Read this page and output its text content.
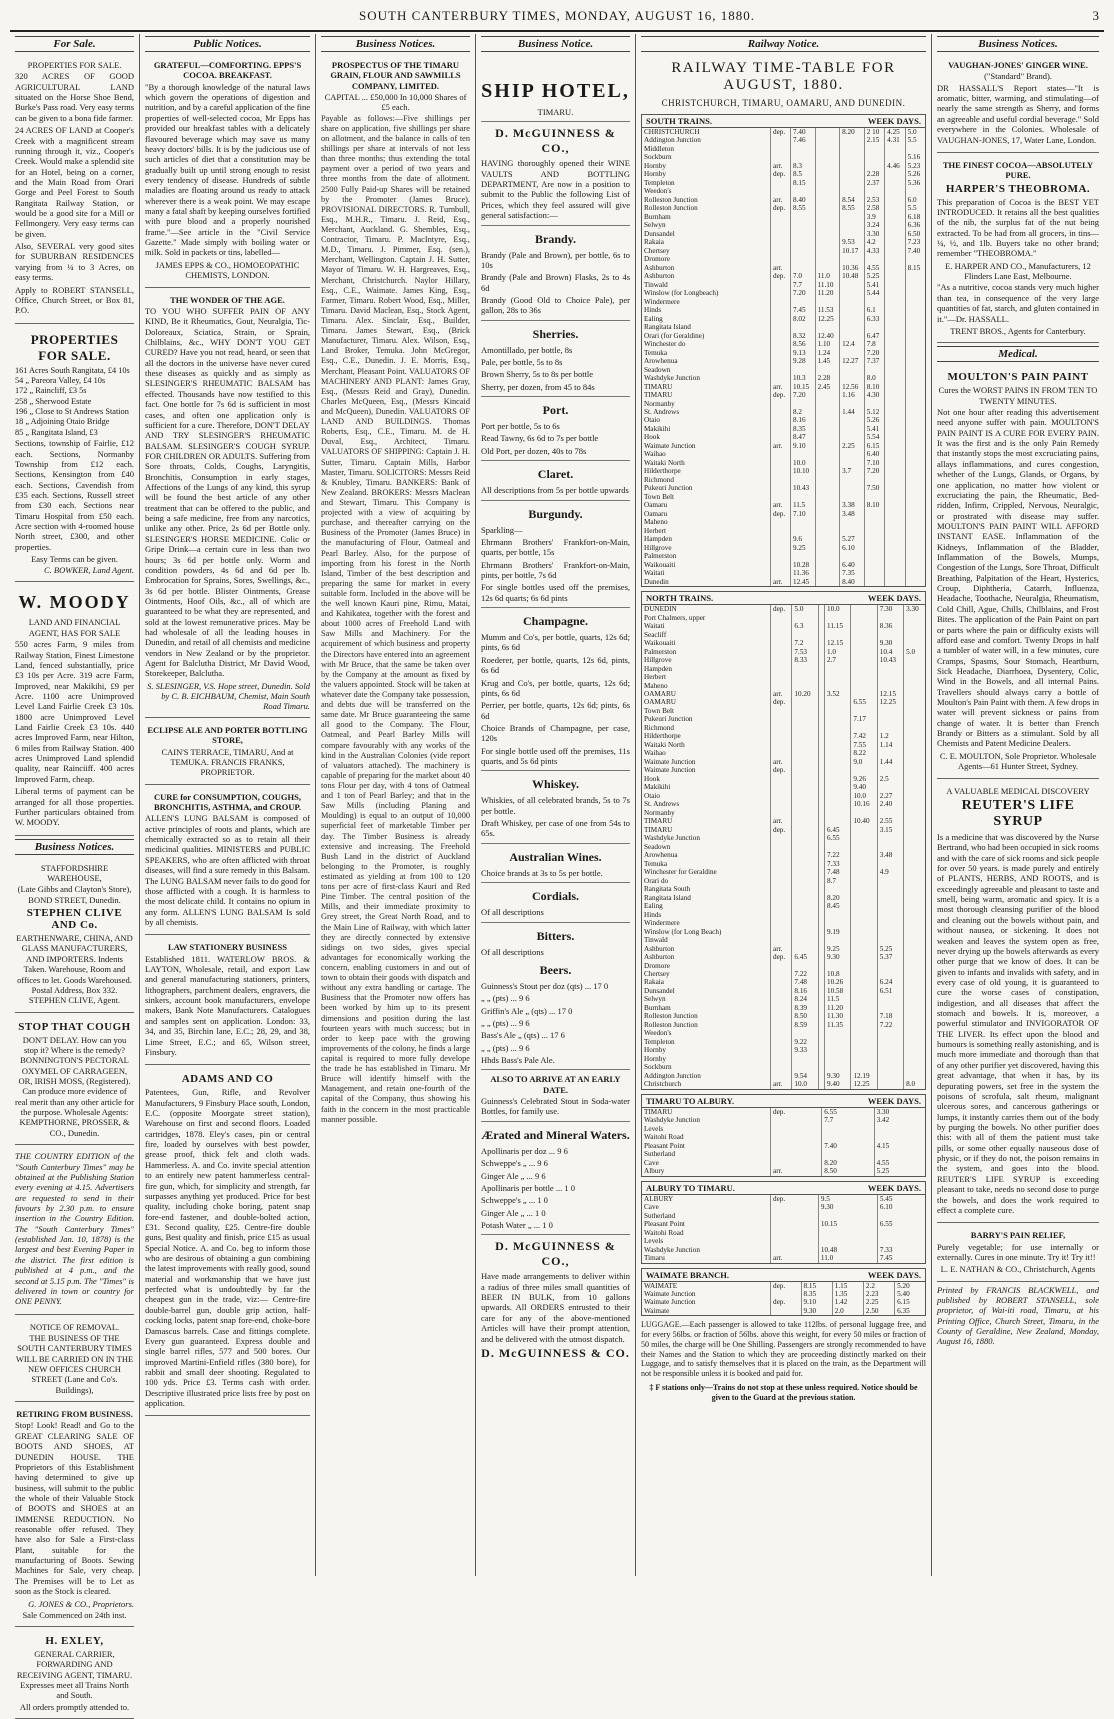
SOUTH CANTERBURY TIMES, MONDAY, AUGUST 16, 1880.	3
For Sale.
PROPERTIES FOR SALE.

320 ACRES OF GOOD AGRICULTURAL LAND situated on the Horse Shoe Bend, Burke's Pass road. Very easy terms can be given to a bona fide farmer.

24 ACRES OF LAND at Cooper's Creek with a magnificent stream running through it, viz., Cooper's Creek. Would make a splendid site for an Hotel, being on a corner, and the Main Road from Orari Gorge and Peel Forest to South Rangitata Railway Station, or would be a good site for a Mill or Fellmongery. Very easy terms can be given.

Also, SEVERAL very good sites for SUBURBAN RESIDENCES varying from ¼ to 3 Acres, on easy terms.

Apply to ROBERT STANSELL, Office, Church Street, or Box 81, P.O.

PROPERTIES FOR SALE.
161 Acres South Rangitata, £4 10s
54 „ Pareora Valley, £4 10s
172 „ Raincliff, £3 5s
258 „ Sherwood Estate
196 „ Close to St Andrews Station
18 „ Adjoining Otaio Bridge
85 „ Rangitata Island, £3

Sections, township of Fairlie, £12 each. Sections, Normanby Township from £12 each. Sections, Kensington from £40 each. Sections, Cavendish from £35 each. Sections, Russell street from £30 each. Sections near Timaru Hospital from £50 each. Acre section with 4-roomed house North street, £300, and other properties.

Easy Terms can be given.

C. BOWKER, Land Agent.

W. MOODY

LAND AND FINANCIAL AGENT, HAS FOR SALE

550 acres Farm, 9 miles from Railway Station, Finest Limestone Land, fenced substantially, price £3 10s per Acre. 319 acre Farm, Improved, near Makikihi, £9 per Acre. 1100 acre Unimproved Level Land Fairlie Creek £3 10s. 1800 acre Unimproved Level Land Fairlie Creek £3 10s. 440 acres Improved Farm, near Hilton, 6 miles from Railway Station. 400 acres Unimproved Land splendid quality, near Rainciiff. 400 acres Improved Farm, cheap.

Liberal terms of payment can be arranged for all those properties. Further particulars obtained from W. MOODY.

Business Notices.

STAFFORDSHIRE WAREHOUSE,

(Late Gibbs and Clayton's Store), BOND STREET, Dunedin.

STEPHEN CLIVE AND Co.

EARTHENWARE, CHINA, AND GLASS MANUFACTURERS, AND IMPORTERS. Indents Taken. Warehouse, Room and offices to let. Goods Warehoused. Postal Address, Box 332. STEPHEN CLIVE, Agent.

STOP THAT COUGH

DON'T DELAY. How can you stop it? Where is the remedy? BONNINGTON'S PECTORAL OXYMEL OF CARRAGEEN, OR, IRISH MOSS, (Registered). Can produce more evidence of real merit than any other article for the purpose. Wholesale Agents: KEMPTHORNE, PROSSER, & CO., Dunedin.

THE COUNTRY EDITION of the "South Canterbury Times" may be obtained at the Publishing Station every evening at 4.15. Advertisers are requested to send in their favours by 2.30 p.m. to ensure insertion in the Country Edition. The "South Canterbury Times" (established Jan. 10, 1878) is the largest and best Evening Paper in the district. The first edition is published at 4 p.m., and the second at 5.15 p.m. The "Times" is delivered in town or country for ONE PENNY.

NOTICE OF REMOVAL.

THE BUSINESS OF THE SOUTH CANTERBURY TIMES WILL BE CARRIED ON IN THE NEW OFFICES CHURCH STREET (Lane and Co's. Buildings),

RETIRING FROM BUSINESS.

Stop! Look! Read! and Go to the GREAT CLEARING SALE OF BOOTS AND SHOES, AT DUNEDIN HOUSE. THE Proprietors of this Establishment having determined to give up business, will submit to the public the whole of their Valuable Stock of BOOTS and SHOES at an IMMENSE REDUCTION. No reasonable offer refused. They have also for Sale a First-class Plant, suitable for the manufacturing of Boots. Sewing Machines for Sale, very cheap. The Premises will be to Let as soon as the Stock is cleared.

G. JONES & CO., Proprietors.

Sale Commenced on 24th inst.

H. EXLEY,

GENERAL CARRIER, FORWARDING AND RECEIVING AGENT, TIMARU. Expresses meet all Trains North and South.

All orders promptly attended to.

Public Notices.

GRATEFUL—COMFORTING. EPPS'S COCOA. BREAKFAST.

"By a thorough knowledge of the natural laws which govern the operations of digestion and nutrition, and by a careful application of the fine properties of well-selected cocoa, Mr Epps has provided our breakfast tables with a delicately flavoured beverage which may save us many heavy doctors' bills. It is by the judicious use of such articles of diet that a constitution may be gradually built up until strong enough to resist every tendency of disease. Hundreds of subtle maladies are floating around us ready to attack wherever there is a weak point. We may escape many a fatal shaft by keeping ourselves fortified with pure blood and a properly nourished frame."—See article in the "Civil Service Gazette." Made simply with boiling water or milk. Sold in packets or tins, labelled—

JAMES EPPS & CO., HOMOEOPATHIC CHEMISTS, LONDON.

THE WONDER OF THE AGE.

TO YOU WHO SUFFER PAIN OF ANY KIND, Be it Rheumatics, Gout, Neuralgia, Tic-Doloreaux, Sciatica, Strain, or Sprain, Chilblains, &c., WHY DON'T YOU GET CURED? Have you not read, heard, or seen that all the doctors in the universe have never cured these diseases as quickly and as simply as SLESINGER'S RHEUMATIC BALSAM has effected. Thousands have now testified to this fact. One bottle for 7s 6d is sufficient in most cases, and often one application only is sufficient for a cure. Therefore, DON'T DELAY AND TRY SLESINGER'S RHEUMATIC BALSAM. SLESINGER'S COUGH SYRUP. FOR CHILDREN OR ADULTS. Suffering from Sore throats, Colds, Coughs, Laryngitis, Bronchitis, Consumption in early stages, Affections of the Lungs of any kind, this syrup will be found the best article of any other treatment that can be offered to the public, and being a safe medicine, free from any narcotics, unlike any other. Price, 2s 6d per Bottle only. SLESINGER'S HORSE MEDICINE. Colic or Gripe Drink—a certain cure in less than two hours; 3s 6d per bottle only. Worm and condition powders, 4s 6d and 6d per lb. Embrocation for Sprains, Sores, Swellings, &c., 3s 6d per bottle. Blister Ointments, Grease Ointments, Hoof Oils, &c., all of which are guaranteed to be what they are represented, and sold at the lowest remunerative prices. May be had wholesale of all the leading houses in Dunedin, and retail of all chemists and medicine vendors in New Zealand or by the proprietor. Agent for Balclutha District, Mr David Wood, Storekeeper, Balclutha.

S. SLESINGER, V.S. Hope street, Dunedin. Sold by C. B. EICHBAUM, Chemist, Main South Road Timaru.

ECLIPSE ALE AND PORTER BOTTLING STORE,

CAIN'S TERRACE, TIMARU, And at TEMUKA. FRANCIS FRANKS, PROPRIETOR.

CURE for CONSUMPTION, COUGHS, BRONCHITIS, ASTHMA, and CROUP.

ALLEN'S LUNG BALSAM is composed of active principles of roots and plants, which are chemically extracted so as to retain all their medicinal qualities. MINISTERS and PUBLIC SPEAKERS, who are often afflicted with throat diseases, will find a sure remedy in this Balsam. The LUNG BALSAM never fails to do good for those afflicted with a cough. It is harmless to the most delicate child. It contains no opium in any form. ALLEN'S LUNG BALSAM Is sold by all chemists.

LAW STATIONERY BUSINESS

Established 1811. WATERLOW BROS. & LAYTON, Wholesale, retail, and export Law and general manufacturing stationers, printers, lithographers, parchment dealers, engravers, die sinkers, account book manufacturers, envelope makers, Bank Note Manufacturers. Catalogues and samples sent on application. London: 33, 34, and 35, Birchin lane, E.C.; 28, 29, and 38, Lime Street, E.C.; and 65, Wilson street, Finsbury.

ADAMS AND CO

Patentees, Gun, Rifle, and Revolver Manufacturers, 9 Finsbury Place south, London, E.C. (opposite Moorgate street station), Warehouse on first and second floors. Loaded cartridges, 1878. Eley's cases, pin or central fire, loaded by ourselves with best powder, grease proof, thick felt and cloth wads. Hammerless. A. and Co. invite special attention to an entirely new patent hammerless central-fire gun, which, for simplicity and strength, far surpasses anything yet produced. Price for best quality, including choke boring, patent snap fore-end fastener, and double-bolted action, £31. Second quality, £25. Centre-fire double guns, Best quality and finish, price £15 as usual Special Notice. A. and Co. beg to inform those who are desirous of obtaining a gun combining the latest improvements with really good, sound material and workmanship that we have just perfected what is undoubtedly by far the cheapest gun in the trade, viz:— Centre-fire double-barrel gun, double grip action, half-cocking locks, patent snap fore-end, choke-bore Damascus barrels. Case and fittings complete. Every gun guaranteed. Express double and single barrel rifles, 577 and 500 bores. Our improved Martini-Enfield rifles (380 bore), for rabbit and small deer shooting. Regulated to 100 yds. Price £3. Terms cash with order. Descriptive illustrated price lists free by post on application.

Business Notices.

PROSPECTUS OF THE TIMARU GRAIN, FLOUR AND SAWMILLS COMPANY, LIMITED.

CAPITAL ... £50,000 In 10,000 Shares of £5 each.

Payable as follows:—Five shillings per share on application, five shillings per share on allotment, and the balance in calls of ten shillings per share at intervals of not less than three months; thus extending the total payment over a period of two years and three months from the date of allotment. 2500 Fully Paid-up Shares will be retained by the Promoter (James Bruce). PROVISIONAL DIRECTORS. R. Turnbull, Esq., M.H.R., Timaru. J. Reid, Esq., Merchant, Auckland. G. Shembles, Esq., Contractor, Timaru. P. MacIntyre, Esq., M.D., Timaru. J. Pimmer, Esq. (sen.), Merchant, Wellington. Captain J. H. Sutter, Mayor of Timaru. W. H. Hargreaves, Esq., Merchant, Christchurch. Naylor Hillary, Esq., C.E., Waimate. James King, Esq., Farmer, Timaru. Robert Wood, Esq., Miller, Timaru. David Maclean, Esq., Stock Agent, Timaru. Alex. Sinclair, Esq., Builder, Timaru. James Stewart, Esq., (Brick Manufacturer, Timaru. Alex. Wilson, Esq., Land Broker, Temuka. John McGregor, Esq., C.E., Dunedin. J. E. Morris, Esq., Merchant, Pleasant Point. VALUATORS OF MACHINERY AND PLANT: James Gray, Esq., (Messrs Reid and Gray), Dunedin. Charles McQueen, Esq., (Messrs Kincaid and McQueen), Dunedin. VALUATORS OF LAND AND BUILDINGS. Thomas Roberts, Esq., C.E., Timaru. M. de H. Duval, Esq., Architect, Timaru. VALUATORS OF SHIPPING: Captain J. H. Sutter, Timaru. Captain Mills, Harbor Master, Timaru. SOLICITORS: Messrs Reid & Knubley, Timaru. BANKERS: Bank of New Zealand. BROKERS: Messrs Maclean and Stewart, Timaru. This Company is projected with a view of acquiring by purchase, and thereafter carrying on the Business of the Promoter (James Bruce) in the manufacturing of Flour, Oatmeal and Pearl Barley. Also, for the purpose of importing from his forest in the North Island, Timber of the best description and preparing the same for market in every suitable form. Included in the above will be the well known Kauri pine, Rimu, Matai, and Kahikatea, together with the forest and about 1000 acres of Freehold Land with Saw Mills and Machinery. For the acquirement of which business and property the Directors have entered into an agreement with Mr Bruce, that the same be taken over by the Company at the amount as fixed by the valuers appointed. Stock will be taken at whatever date the Company take possession, and debts due will be transferred on the same date. Mr Bruce guaranteeing the same all good to the Company. The Flour, Oatmeal, and Pearl Barley Mills will compare favourably with any works of the kind in the Australian Colonies (vide report of valuators attached). The machinery is capable of preparing for the market about 40 tons Flour per day, with 4 tons of Oatmeal and 1 ton of Pearl Barley; and that in the Saw Mills (including Planing and Moulding) is equal to an output of 10,000 superficial feet of marketable Timber per day. The Timber Business is already extensive and increasing. The Freehold Bush Land in the district of Auckland belonging to the Promoter, is roughly estimated as yielding at from 100 to 120 tons per acre of first-class Kauri and Red Pine Timber. The central position of the Mills, and their immediate proximity to Grey street, the Great North Road, and to the Main Line of Railway, with which latter they are directly connected by extensive sidings on two sides, gives special advantages for economically working the concern, enabling customers in and out of town to obtain their goods with dispatch and without any extra handling or cartage. The Business that the Promoter now offers has been worked by him up to its present dimensions and position during the last fourteen years with much success; but in order to keep pace with the growing improvements of the colony, he finds a large capital is required to more fully develope the trade he has established in Timaru. Mr Bruce will identify himself with the Management, and retain one-fourth of the capital of the Company, thus showing his faith in the concern in the most practicable manner possible.

Business Notice.
SHIP HOTEL,

TIMARU.

D. McGUINNESS & CO.,

HAVING thoroughly opened their WINE VAULTS AND BOTTLING DEPARTMENT, Are now in a position to submit to the Public the following List of Prices, which they feel assured will give general satisfaction:—

Brandy.

Brandy (Pale and Brown), per bottle, 6s to 10s

Brandy (Pale and Brown) Flasks, 2s to 4s 6d

Brandy (Good Old to Choice Pale), per gallon, 28s to 36s

Sherries.

Amontillado, per bottle, 8s

Pale, per bottle, 5s to 8s

Brown Sherry, 5s to 8s per bottle

Sherry, per dozen, from 45 to 84s

Port.

Port per bottle, 5s to 6s

Read Tawny, 6s 6d to 7s per bottle

Old Port, per dozen, 40s to 78s

Claret.

All descriptions from 5s per bottle upwards

Burgundy.

Sparkling—

Ehrmann Brothers' Frankfort-on-Main, quarts, per bottle, 15s

Ehrmann Brothers' Frankfort-on-Main, pints, per bottle, 7s 6d

For single bottles used off the premises, 12s 6d quarts; 6s 6d pints

Champagne.

Mumm and Co's, per bottle, quarts, 12s 6d; pints, 6s 6d

Roederer, per bottle, quarts, 12s 6d, pints, 6s 6d

Krug and Co's, per bottle, quarts, 12s 6d; pints, 6s 6d

Perrier, per bottle, quarts, 12s 6d; pints, 6s 6d

Choice Brands of Champagne, per case, 120s

For single bottle used off the premises, 11s quarts, and 5s 6d pints

Whiskey.

Whiskies, of all celebrated brands, 5s to 7s per bottle.

Draft Whiskey, per case of one from 54s to 65s.

Australian Wines.

Choice brands at 3s to 5s per bottle.

Cordials.

Of all descriptions

Bitters.

Of all descriptions

Beers.

Guinness's Stout per doz (qts) ... 17 0

„ „ (pts) ... 9 6

Griffin's Ale „ (qts) ... 17 0

„ „ (pts) ... 9 6

Bass's Ale „ (qts) ... 17 6

„ „ (pts) ... 9 6

Hhds Bass's Pale Ale.

ALSO TO ARRIVE AT AN EARLY DATE.

Guinness's Celebrated Stout in Soda-water Bottles, for family use.

Ærated and Mineral Waters.

Apollinaris per doz ... 9 6

Schweppe's „ ... 9 6

Ginger Ale „ ... 9 6

Apollinaris per bottle ... 1 0

Schweppe's „ ... 1 0

Ginger Ale „ ... 1 0

Potash Water „ ... 1 0

D. McGUINNESS & CO.,

Have made arrangements to deliver within a radius of three miles small quantities of BEER IN BULK, from 10 gallons upwards. All ORDERS entrusted to their care for any of the above-mentioned Articles will have their prompt attention, and be delivered with the utmost dispatch.

D. McGUINNESS & CO.

Railway Notice.
RAILWAY TIME-TABLE FOR AUGUST, 1880.
CHRISTCHURCH, TIMARU, OAMARU, AND DUNEDIN.
SOUTH TRAINS.	WEEK DAYS.
CHRISTCHURCH	dep.	7.40		8.20	2 10	4.25	5.0
Addington Junction		7.46			2.15	4.31	5.5
Middleton							
Sockburn							5.16
Hornby	arr.	8.3				4.46	5.23
Hornby	dep.	8.5			2.28		5.26
Templeton		8.15			2.37		5.36
Weedon's							
Rolleston Junction	arr.	8.40		8.54	2.53		6.0
Rolleston Junction	dep.	8.55		8.55	2.58		5.5
Burnham					3.9		6.18
Selwyn					3.24		6.36
Dunsandel					3.30		6.50
Rakaia				9.53	4.2		7.23
Chertsey				10.17	4.33		7.40
Dromore							
Ashburton	arr.			10.36	4.55		8.15
Ashburton	dep.	7.0	11.0	10.48	5.25		
Tinwald		7.7	11.10		5.41		
Winslow (for Longbeach)		7.20	11.20		5.44		
Windermere							
Hinds		7.45	11.53		6.1		
Ealing		8.02	12.25		6.33		
Rangitata Island							
Orari (for Geraldine)		8.32	12.40		6.47		
Winchester do		8.56	1.10	12.4	7.8		
Temuka		9.13	1.24		7.20		
Arowhenua		9.28	1.45	12.27	7.37		
Seadown							
Washdyke Junction		10.3	2.28		8.0		
TIMARU	arr.	10.15	2.45	12.56	8.10		
TIMARU	dep.	7.20		1.16	4.30		
Normanby							
St. Andrews		8.2		1.44	5.12		
Otaio		8.16			5.26		
Makikihi		8.35			5.41		
Hook		8.47			5.54		
Waimate Junction	arr.	9.10		2.25	6.15		
Waihao					6.40		
Waitaki North		10.0			7.10		
Hilderthorpe		10.10		3.7	7.20		
Richmond							
Pukeuri Junction		10.43			7.50		
Town Belt							
Oamaru	arr.	11.5		3.38	8.10		
Oamaru	dep.	7.10		3.48			
Maheno							
Herbert							
Hampden		9.6		5.27			
Hillgrove		9.25		6.10			
Palmerston							
Waikouaiti		10.28		6.40			
Waitati		11.36		7.35			
Dunedin	arr.	12.45		8.40			
NORTH TRAINS.	WEEK DAYS.
DUNEDIN	dep.	5.0		10.0		7.30	3.30
Port Chalmers, upper							
Waitati		6.3		11.15		8.36	
Seacliff							
Waikouaiti		7.2		12.15		9.30	
Palmerston		7.53		1.0		10.4	5.0
Hillgrove		8.33		2.7		10.43	
Hampden							
Herbert							
Maheno							
OAMARU	arr.	10.20		3.52		12.15	
OAMARU	dep.				6.55	12.25	
Town Belt							
Pukeuri Junction					7.17		
Richmond							
Hilderthorpe					7.42	1.2	
Waitaki North					7.55	1.14	
Waihao					8.22		
Waimate Junction	arr.				9.0	1.44	
Waimate Junction	dep.						
Hook					9.26	2.5	
Makikihi					9.40		
Otaio					10.0	2.27	
St. Andrews					10.16	2.40	
Normanby							
TIMARU	arr.				10.40	2.55	
TIMARU	dep.			6.45		3.15	
Washdyke Junction				6.55			
Seadown							
Arowhenua				7.22		3.48	
Temuka				7.33			
Winchester for Geraldine				7.48		4.9	
Orari do				8.7			
Rangitata South							
Rangitata Island				8.20			
Ealing				8.45			
Hinds							
Windermere							
Winslow (for Long Beach)				9.19			
Tinwald							
Ashburton	arr.			9.25		5.25	
Ashburton	dep.	6.45		9.30		5.37	
Dromore							
Chertsey		7.22		10.8			
Rakaia		7.48		10.26		6.24	
Dunsandel		8.16		10.58		6.51	
Selwyn		8.24		11.5			
Burnham		8.39		11.20			
Rolleston Junction		8.50		11.30		7.18	
Rolleston Junction		8.59		11.35		7.22	
Weedon's							
Templeton		9.22					
Hornby		9.33					
Hornby							
Sockburn							
Addington Junction		9.54		9.30	12.19		
Christchurch	arr.	10.0		9.40	12.25		8.0
TIMARU TO ALBURY.	WEEK DAYS.
TIMARU	dep.	6.55	3.30
Washdyke Junction		7.7	3.42
Levels			
Waitohi Road			
Pleasant Point		7.40	4.15
Sutherland			
Cave		8.20	4.55
Albury	arr.	8.50	5.25
ALBURY TO TIMARU.	WEEK DAYS.
ALBURY	dep.	9.5	5.45
Cave		9.30	6.10
Sutherland			
Pleasant Point		10.15	6.55
Waitohi Road			
Levels			
Washdyke Junction		10.48	7.33
Timaru	arr.	11.0	7.45
WAIMATE BRANCH.	WEEK DAYS.
WAIMATE	dep.	8.15	1.15	2.2	5.20
Waimate Junction		8.35	1.35	2.23	5.40
Waimate Junction	dep.	9.10	1.42	2.25	6.15
Waimate		9.30	2.0	2.50	6.35

LUGGAGE.—Each passenger is allowed to take 112lbs. of personal luggage free, and for every 56lbs. or fraction of 56lbs. above this weight, for every 50 miles or fraction of 50 miles, the charge will be One Shilling. Passengers are strongly recommended to have their Names and the Station to which they are proceeding distinctly marked on their Luggage, and to satisfy themselves that it is placed on the train, as the Department will not be responsible unless it is booked and paid for.

‡ F stations only—Trains do not stop at these unless required. Notice should be given to the Guard at the previous station.

Business Notices.

VAUGHAN-JONES' GINGER WINE.

("Standard" Brand).

DR HASSALL'S Report states—"It is aromatic, bitter, warming, and stimulating—of nearly the same strength as Sherry, and forms an agreeable and useful cordial beverage." Sold everywhere in the Colonies. Wholesale of VAUGHAN-JONES, 17, Water Lane, London.

THE FINEST COCOA—ABSOLUTELY PURE.

HARPER'S THEOBROMA.

This preparation of Cocoa is the BEST YET INTRODUCED. It retains all the best qualities of the nib, the surplus fat of the nut being extracted. To be had from all grocers, in tins—¼, ½, and 1lb. Buyers take no other brand; remember "THEOBROMA."

E. HARPER AND CO., Manufacturers, 12 Flinders Lane East, Melbourne.

"As a nutritive, cocoa stands very much higher than tea, in consequence of the very large quantities of fat, starch, and gluten contained in it."—Dr. HASSALL.

TRENT BROS., Agents for Canterbury.

Medical.

MOULTON'S PAIN PAINT

Cures the WORST PAINS IN FROM TEN TO TWENTY MINUTES.

Not one hour after reading this advertisement need anyone suffer with pain. MOULTON'S PAIN PAINT IS A CURE FOR EVERY PAIN. It was the first and is the only Pain Remedy that instantly stops the most excruciating pains, allays inflammations, and cures congestion, whether of the Lungs, Glands, or Organs, by one application, no matter how violent or excruciating the pain, the Rheumatic, Bed-ridden, Infirm, Crippled, Nervous, Neuralgic, or prostrated with disease may suffer. MOULTON'S PAIN PAINT WILL AFFORD INSTANT EASE. Inflammation of the Kidneys, Inflammation of the Bladder, Inflammation of the Bowels, Mumps, Congestion of the Lungs, Sore Throat, Difficult Breathing, Palpitation of the Heart, Hysterics, Croup, Diphtheria, Catarrh, Influenza, Headache, Toothache, Neuralgia, Rheumatism, Cold Chill, Ague, Chills, Chilblains, and Frost Bites. The application of the Pain Paint on part or parts where the pain or difficulty exists will afford ease and comfort. Twenty Drops in half a tumbler of water will, in a few minutes, cure Cramps, Spasms, Sour Stomach, Heartburn, Sick Headache, Diarrhoea, Dysentery, Colic, Wind in the Bowels, and all internal Pains. Travellers should always carry a bottle of Moulton's Pain Paint with them. A few drops in water will prevent sickness or pains from change of water. It is better than French Brandy or Bitters as a stimulant. Sold by all Chemists and Patent Medicine Dealers.

C. E. MOULTON, Sole Proprietor. Wholesale Agents—61 Hunter Street, Sydney.

A VALUABLE MEDICAL DISCOVERY

REUTER'S LIFE SYRUP

Is a medicine that was discovered by the Nurse Bertrand, who had been occupied in sick rooms and with the care of sick rooms and sick people for over 50 years. is made purely and entirely of PLANTS, HERBS, AND ROOTS, and is exceedingly agreeable and pleasant to taste and smell, being warm, aromatic and spicy. It is a most thorough cleansing purifier of the blood and cleaning out the bowels without pain, and without nausea, or sickening. It does not weaken and leaves the system open as free, never drying up the bowels afterwards as every other purge that we know of does. It can be given to infants and invalids with safety, and in every case of old young, it is guaranteed to cure the worse cases of constipation, indigestion, and all diseases that affect the stomach and bowels. It is, moreover, a powerful stimulator and INVIGORATOR OF THE LIVER. Its effect upon the blood and humours is something really astonishing, and is much more immediate and thorough than that of any other purifier yet discovered, having this great advantage, that when it has, by its depurating powers, set free in the system the poisons of scrofula, salt rheum, malignant ulcerous sores, and cancerous gatherings or lumps, it instantly carries them out of the body by purging the bowels. No other purifier does this: with all of them the patient must take pills, or some other equally nauseous dose of physic, or if they do not, the poison remains in the system, and goes into the blood. REUTER'S LIFE SYRUP is exceeding pleasant to take, needs no second dose to purge the bowels, and does the work required to effect a complete cure.

BARRY'S PAIN RELIEF,

Purely vegetable; for use internally or externally. Cures in one minute. Try it! Try it!!

L. E. NATHAN & CO., Christchurch, Agents

Printed by FRANCIS BLACKWELL, and published by ROBERT STANSELL, sole proprietor, of Wai-iti road, Timaru, at his Printing Office, Church Street, Timaru, in the County of Geraldine, New Zealand, Monday, August 16, 1880.
